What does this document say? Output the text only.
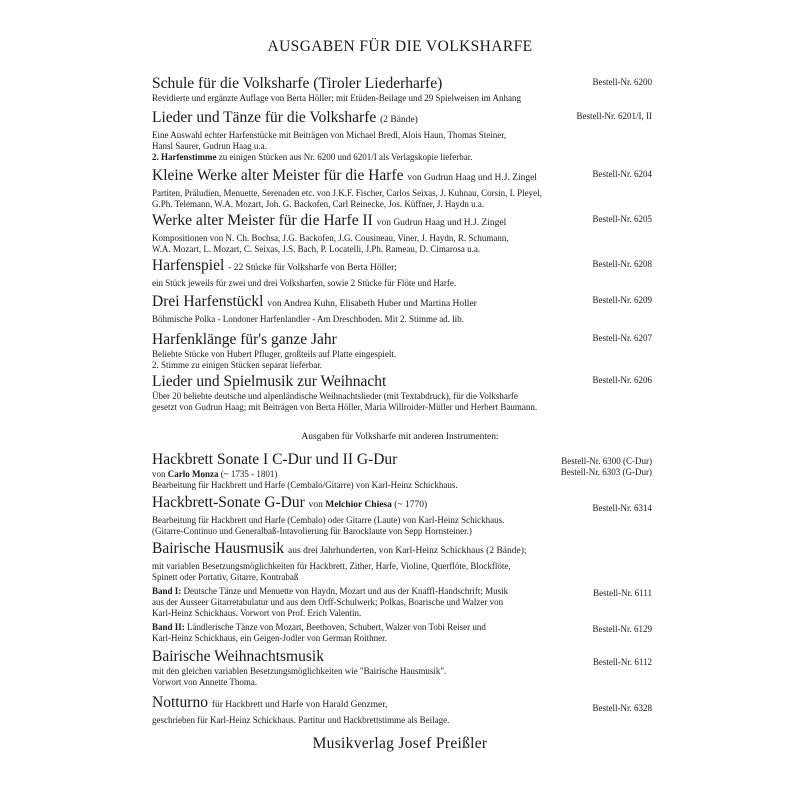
AUSGABEN FÜR DIE VOLKSHARFE
Schule für die Volksharfe (Tiroler Liederharfe)
Revidierte und ergänzte Auflage von Berta Höller; mit Etüden-Beilage und 29 Spielweisen im Anhang
Bestell-Nr. 6200
Lieder und Tänze für die Volksharfe (2 Bände)
Eine Auswahl echter Harfenstücke mit Beiträgen von Michael Bredl, Alois Haun, Thomas Steiner,
Hansl Saurer, Gudrun Haag u.a.
2. Harfenstimme zu einigen Stücken aus Nr. 6200 und 6201/I als Verlagskopie lieferbar.
Bestell-Nr. 6201/I, II
Kleine Werke alter Meister für die Harfe von Gudrun Haag und H.J. Zingel
Partiten, Präludien, Menuette, Serenaden etc. von J.K.F. Fischer, Carlos Seixas, J. Kuhnau, Corsin, I. Pleyel,
G.Ph. Telemann, W.A. Mozart, Joh. G. Backofen, Carl Reinecke, Jos. Küffner, J. Haydn u.a.
Bestell-Nr. 6204
Werke alter Meister für die Harfe II von Gudrun Haag und H.J. Zingel
Kompositionen von N. Ch. Bochsa, J.G. Backofen, J.G. Cousineau, Viner, J. Haydn, R. Schumann,
W.A. Mozart, L. Mozart, C. Seixas, J.S. Bach, P. Locatelli, J.Ph. Rameau, D. Cimarosa u.a.
Bestell-Nr. 6205
Harfenspiel - 22 Stücke für Volksharfe von Berta Höller;
ein Stück jeweils für zwei und drei Volksharfen, sowie 2 Stücke für Flöte und Harfe.
Bestell-Nr. 6208
Drei Harfenstückl von Andrea Kuhn, Elisabeth Huber und Martina Holler
Böhmische Polka - Londoner Harfenlandler - Am Dreschboden. Mit 2. Stimme ad. lib.
Bestell-Nr. 6209
Harfenklänge für's ganze Jahr
Beliebte Stücke von Hubert Pfluger, großteils auf Platte eingespielt.
2. Stimme zu einigen Stücken separat lieferbar.
Bestell-Nr. 6207
Lieder und Spielmusik zur Weihnacht
Über 20 beliebte deutsche und alpenländische Weihnachtslieder (mit Textabdruck), für die Volksharfe
gesetzt von Gudrun Haag; mit Beiträgen von Berta Höller, Maria Willroider-Müller und Herbert Baumann.
Bestell-Nr. 6206
Ausgaben für Volksharfe mit anderen Instrumenten:
Hackbrett Sonate I C-Dur und II G-Dur
von Carlo Monza (~ 1735 - 1801)
Bearbeitung für Hackbrett und Harfe (Cembalo/Gitarre) von Karl-Heinz Schickhaus.
Bestell-Nr. 6300 (C-Dur)
Bestell-Nr. 6303 (G-Dur)
Hackbrett-Sonate G-Dur von Melchior Chiesa (~ 1770)
Bearbeitung für Hackbrett und Harfe (Cembalo) oder Gitarre (Laute) von Karl-Heinz Schickhaus.
(Gitarre-Continuo und Generalbaß-Intavolierung für Barocklaute von Sepp Hornsteiner.)
Bestell-Nr. 6314
Bairische Hausmusik aus drei Jahrhunderten, von Karl-Heinz Schickhaus (2 Bände);
mit variablen Besetzungsmöglichkeiten für Hackbrett, Zither, Harfe, Violine, Querflöte, Blockflöte,
Spinett oder Portativ, Gitarre, Kontrabaß
Band I: Deutsche Tänze und Menuette von Haydn, Mozart und aus der Knaffl-Handschrift; Musik
aus der Ausseer Gitarretabulatur und aus dem Orff-Schulwerk; Polkas, Boarische und Walzer von
Karl-Heinz Schickhaus. Vorwort von Prof. Erich Valentin.
Bestell-Nr. 6111
Band II: Ländlerische Tänze von Mozart, Beethoven, Schubert, Walzer von Tobi Reiser und
Karl-Heinz Schickhaus, ein Geigen-Jodler von German Roithner.
Bestell-Nr. 6129
Bairische Weihnachtsmusik
mit den gleichen variablen Besetzungsmöglichkeiten wie "Bairische Hausmusik".
Vorwort von Annette Thoma.
Bestell-Nr. 6112
Notturno für Hackbrett und Harfe von Harald Genzmer,
geschrieben für Karl-Heinz Schickhaus. Partitur und Hackbrettstimme als Beilage.
Bestell-Nr. 6328
Musikverlag Josef Preißler
